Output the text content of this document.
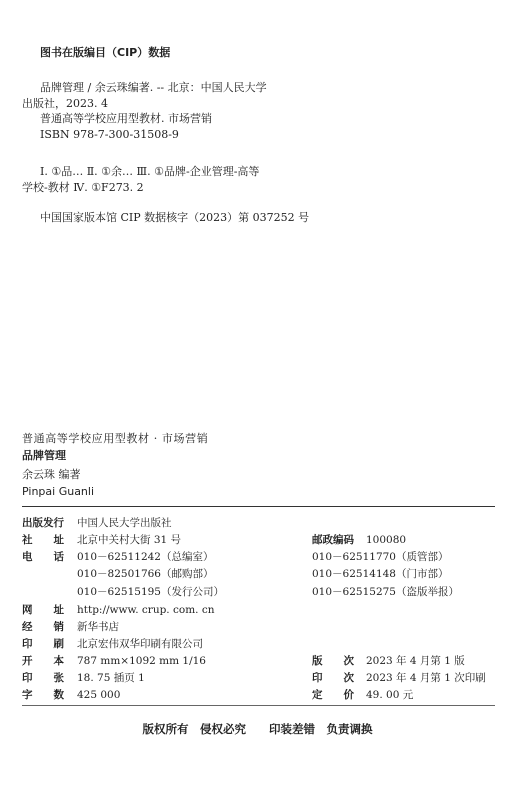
图书在版编目（CIP）数据
品牌管理 / 余云珠编著. -- 北京：中国人民大学
出版社，2023. 4
普通高等学校应用型教材. 市场营销
ISBN 978-7-300-31508-9
Ⅰ. ①品… Ⅱ. ①余… Ⅲ. ①品牌-企业管理-高等
学校-教材 Ⅳ. ①F273. 2
中国国家版本馆 CIP 数据核字（2023）第 037252 号
普通高等学校应用型教材 · 市场营销
品牌管理
余云珠 编著
Pinpai Guanli
出版发行 中国人民大学出版社
社　　址 北京中关村大街 31 号
电　　话 010－62511242（总编室）
010－82501766（邮购部）
010－62515195（发行公司）
网　　址 http://www. crup. com. cn
经　　销 新华书店
印　　刷 北京宏伟双华印刷有限公司
开　　本 787 mm×1092 mm 1/16
印　　张 18. 75 插页 1
字　　数 425 000
邮政编码 100080
010－62511770（质管部）
010－62514148（门市部）
010－62515275（盗版举报）
版　　次 2023 年 4 月第 1 版
印　　次 2023 年 4 月第 1 次印刷
定　　价 49. 00 元
版权所有　侵权必究　　印装差错　负责调换
